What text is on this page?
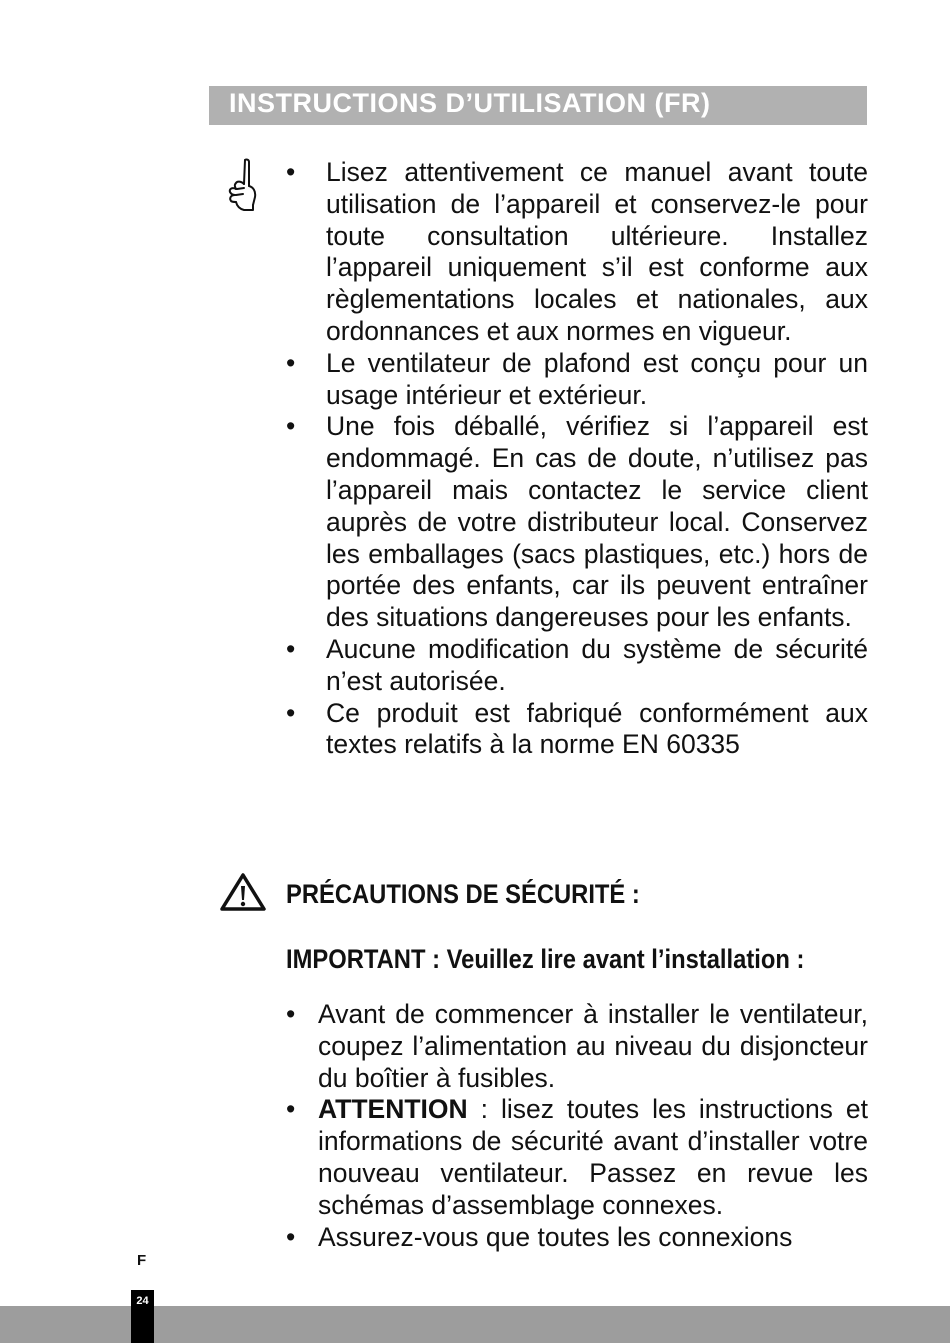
INSTRUCTIONS D’UTILISATION (FR)
• Lisez attentivement ce manuel avant toute utilisation de l’appareil et conservez-le pour toute consultation ultérieure. Installez l’appareil uniquement s’il est conforme aux règlementations locales et nationales, aux ordonnances et aux normes en vigueur.
• Le ventilateur de plafond est conçu pour un usage intérieur et extérieur.
• Une fois déballé, vérifiez si l’appareil est endommagé. En cas de doute, n’utilisez pas l’appareil mais contactez le service client auprès de votre distributeur local. Conservez les emballages (sacs plastiques, etc.) hors de portée des enfants, car ils peuvent entraîner des situations dangereuses pour les enfants.
• Aucune modification du système de sécurité n’est autorisée.
• Ce produit est fabriqué conformément aux textes relatifs à la norme EN 60335
PRÉCAUTIONS DE SÉCURITÉ :
IMPORTANT : Veuillez lire avant l’installation :
• Avant de commencer à installer le ventilateur, coupez l’alimentation au niveau du disjoncteur du boîtier à fusibles.
• ATTENTION : lisez toutes les instructions et informations de sécurité avant d’installer votre nouveau ventilateur. Passez en revue les schémas d’assemblage connexes.
• Assurez-vous que toutes les connexions
F
24
